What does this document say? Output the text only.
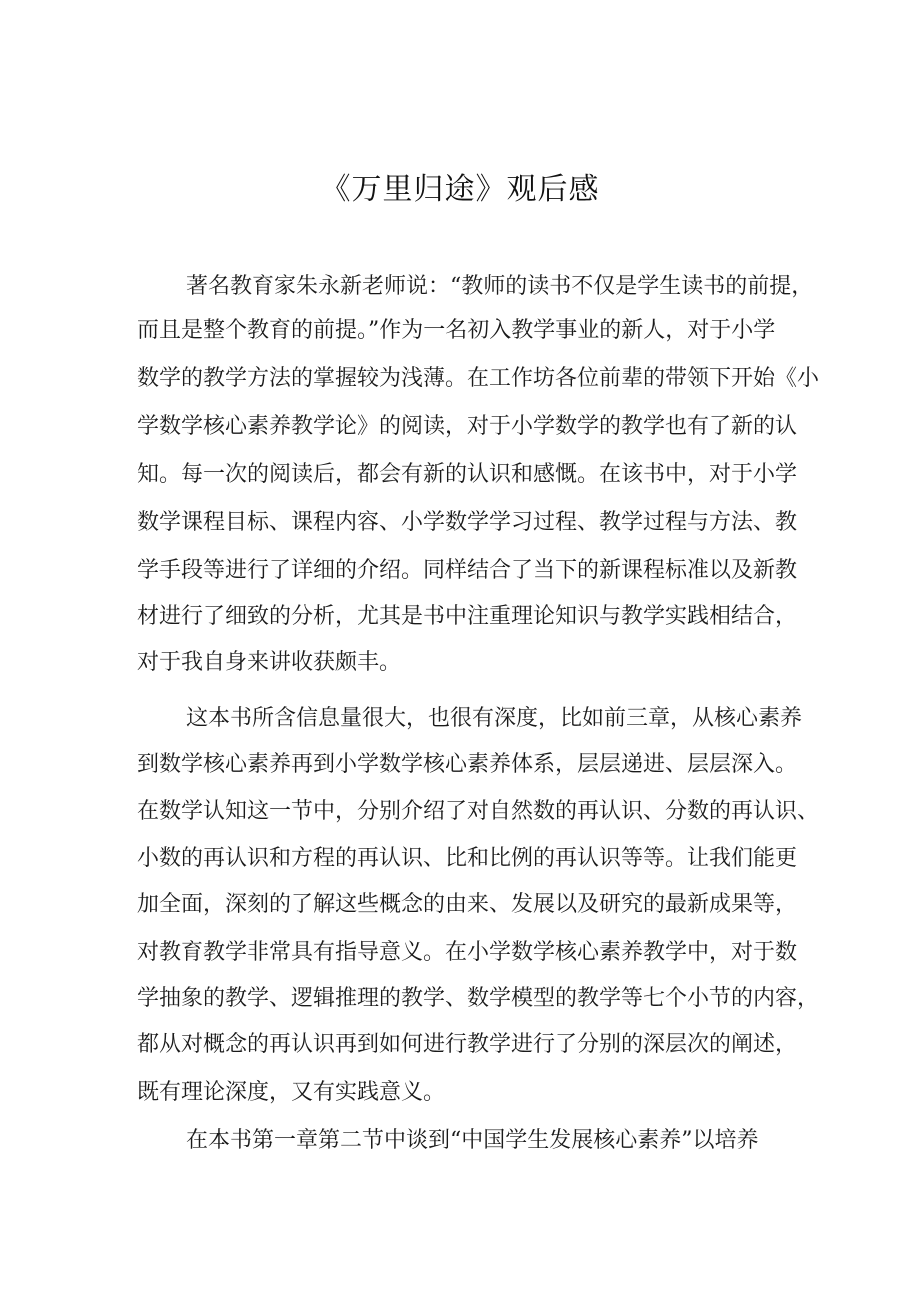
《万里归途》观后感
著名教育家朱永新老师说：“教师的读书不仅是学生读书的前提，
而且是整个教育的前提。”作为一名初入教学事业的新人，对于小学
数学的教学方法的掌握较为浅薄。在工作坊各位前辈的带领下开始《小
学数学核心素养教学论》的阅读，对于小学数学的教学也有了新的认
知。每一次的阅读后，都会有新的认识和感慨。在该书中，对于小学
数学课程目标、课程内容、小学数学学习过程、教学过程与方法、教
学手段等进行了详细的介绍。同样结合了当下的新课程标准以及新教
材进行了细致的分析，尤其是书中注重理论知识与教学实践相结合，
对于我自身来讲收获颇丰。
这本书所含信息量很大，也很有深度，比如前三章，从核心素养
到数学核心素养再到小学数学核心素养体系，层层递进、层层深入。
在数学认知这一节中，分别介绍了对自然数的再认识、分数的再认识、
小数的再认识和方程的再认识、比和比例的再认识等等。让我们能更
加全面，深刻的了解这些概念的由来、发展以及研究的最新成果等，
对教育教学非常具有指导意义。在小学数学核心素养教学中，对于数
学抽象的教学、逻辑推理的教学、数学模型的教学等七个小节的内容，
都从对概念的再认识再到如何进行教学进行了分别的深层次的阐述，
既有理论深度，又有实践意义。
在本书第一章第二节中谈到“中国学生发展核心素养”以培养
